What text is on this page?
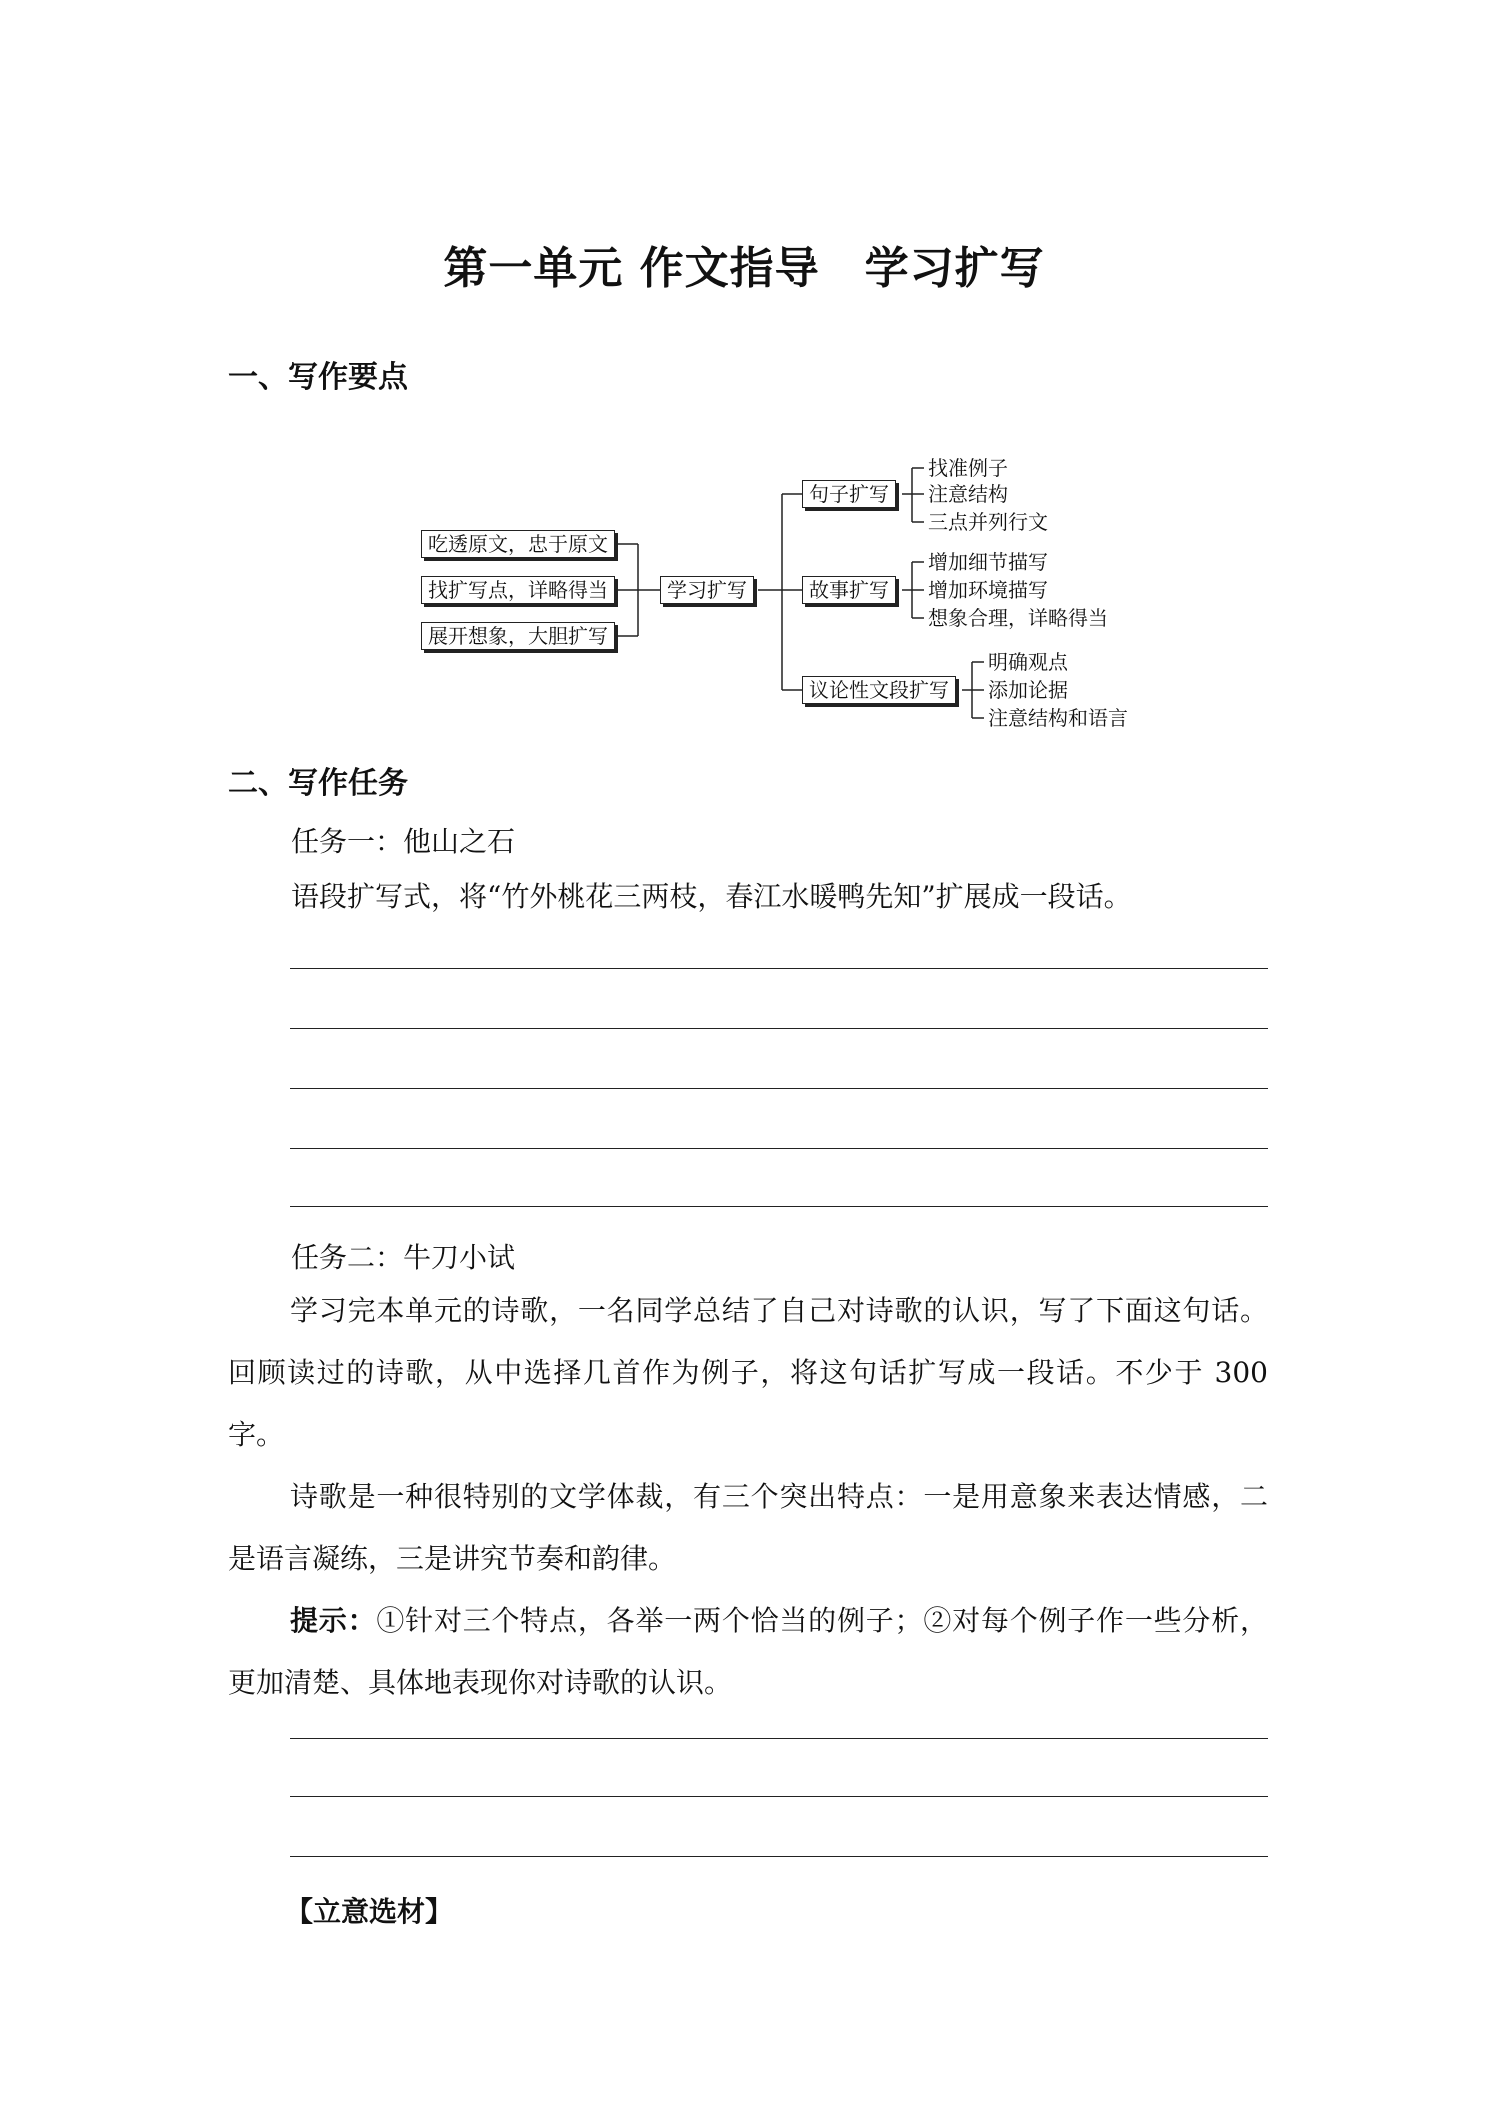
第一单元 作文指导　学习扩写
一、写作要点
吃透原文，忠于原文
找扩写点，详略得当
展开想象，大胆扩写
学习扩写
句子扩写
故事扩写
议论性文段扩写
找准例子
注意结构
三点并列行文
增加细节描写
增加环境描写
想象合理，详略得当
明确观点
添加论据
注意结构和语言
二、写作任务
任务一：他山之石
语段扩写式，将“竹外桃花三两枝，春江水暖鸭先知”扩展成一段话。
任务二：牛刀小试
学习完本单元的诗歌，一名同学总结了自己对诗歌的认识，写了下面这句话。回顾读过的诗歌，从中选择几首作为例子，将这句话扩写成一段话。不少于 300 字。
诗歌是一种很特别的文学体裁，有三个突出特点：一是用意象来表达情感，二是语言凝练，三是讲究节奏和韵律。
提示：①针对三个特点，各举一两个恰当的例子；②对每个例子作一些分析，更加清楚、具体地表现你对诗歌的认识。
【立意选材】
